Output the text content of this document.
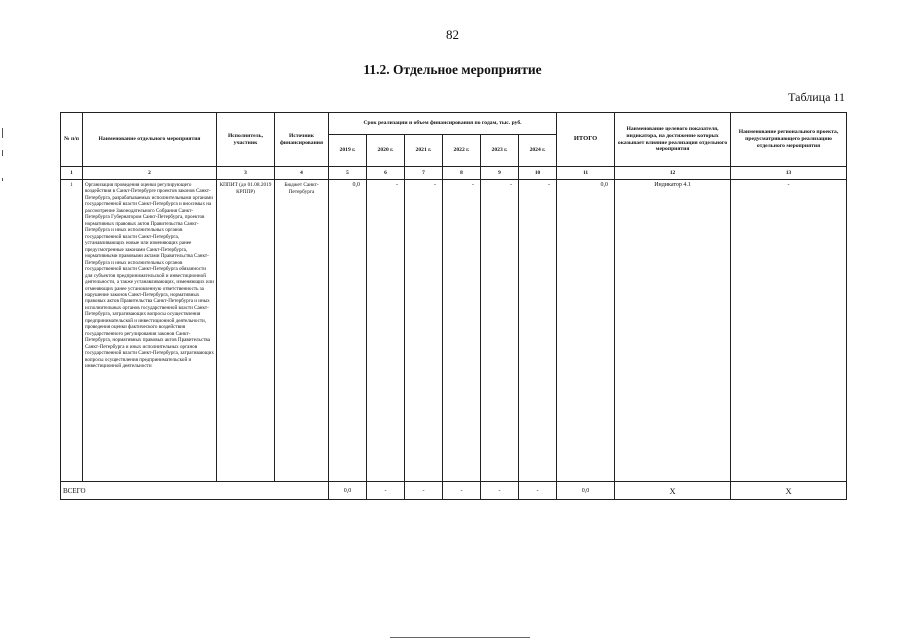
82
11.2. Отдельное мероприятие
Таблица 11
№ п/п	Наименование отдельного мероприятия	Исполнитель, участник	Источник финансирования	Срок реализации и объем финансирования по годам, тыс. руб.						ИТОГО	Наименование целевого показателя, индикатора, на достижение которых оказывает влияние реализация отдельного мероприятия	Наименование регионального проекта, предусматривающего реализацию отдельного мероприятия
				2019 г.	2020 г.	2021 г.	2022 г.	2023 г.	2024 г.			
1	2	3	4	5	6	7	8	9	10	11	12	13
1	Организация проведения оценки регулирующего воздействия в Санкт-Петербурге проектов законов Санкт-Петербурга, разрабатываемых исполнительными органами государственной власти Санкт-Петербурга и вносимых на рассмотрение Законодательного Собрания Санкт-Петербурга Губернатором Санкт-Петербурга, проектов нормативных правовых актов Правительства Санкт-Петербурга и иных исполнительных органов государственной власти Санкт-Петербурга, устанавливающих новые или изменяющих ранее предусмотренные законами Санкт-Петербурга, нормативными правовыми актами Правительства Санкт-Петербурга и иных исполнительных органов государственной власти Санкт-Петербурга обязанности для субъектов предпринимательской и инвестиционной деятельности, а также устанавливающих, изменяющих или отменяющих ранее установленную ответственность за нарушение законов Санкт-Петербурга, нормативных правовых актов Правительства Санкт-Петербурга и иных исполнительных органов государственной власти Санкт-Петербурга, затрагивающих вопросы осуществления предпринимательской и инвестиционной деятельности, проведения оценки фактического воздействия государственного регулирования законов Санкт-Петербурга, нормативных правовых актов Правительства Санкт-Петербурга и иных исполнительных органов государственной власти Санкт-Петербурга, затрагивающих вопросы осуществления предпринимательской и инвестиционной деятельности	КППИТ (до 01.08.2019 КРППР)	Бюджет Санкт-Петербурга	0,0	-	-	-	-	-	0,0	Индикатор 4.1	-
ВСЕГО				0,0	-	-	-	-	-	0,0	X	X
